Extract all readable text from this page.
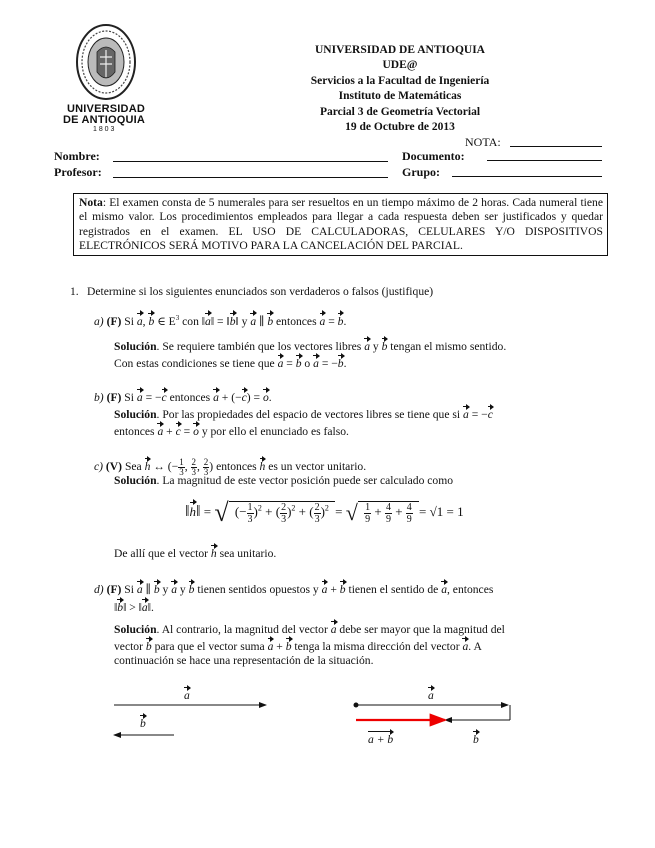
UNIVERSIDAD
DE ANTIOQUIA
1 8 0 3
UNIVERSIDAD DE ANTIOQUIA
UDE@
Servicios a la Facultad de Ingeniería
Instituto de Matemáticas
Parcial 3 de Geometría Vectorial
19 de Octubre de 2013
NOTA:
Nombre:	Documento:
Profesor:	Grupo:
Nota: El examen consta de 5 numerales para ser resueltos en un tiempo máximo de 2 horas. Cada numeral tiene el mismo valor. Los procedimientos empleados para llegar a cada respuesta deben ser justificados y quedar registrados en el examen. EL USO DE CALCULADORAS, CELULARES Y/O DISPOSITIVOS ELECTRÓNICOS SERÁ MOTIVO PARA LA CANCELACIÓN DEL PARCIAL.
1. Determine si los siguientes enunciados son verdaderos o falsos (justifique)
a) (F) Si a, b ∈ $E^3$ con ‖a‖ = ‖b‖ y a ∥ b entonces a = b.
Solución. Se requiere también que los vectores libres a y b tengan el mismo sentido.
Con estas condiciones se tiene que a = b o a = −b.
b) (F) Si a = −c entonces a + (−c) = o.
Solución. Por las propiedades del espacio de vectores libres se tiene que si a = −c
entonces a + c = o y por ello el enunciado es falso.
c) (V) Sea h ↔ (− $\frac{1}{3}$ , $\frac{2}{3}$ , $\frac{2}{3}$ ) entonces h es un vector unitario.
Solución. La magnitud de este vector posición puede ser calculado como
‖h‖ = √ (− $\frac{1}{3} )^2$ + ( $\frac{2}{3} )^2$ + ( $\frac{2}{3} )^2$ = √ $\frac{1}{9} + \frac{4}{9} + \frac{4}{9} = √1 = 1$
De allí que el vector h sea unitario.
d) (F) Si a ∥ b y a y b tienen sentidos opuestos y a + b tienen el sentido de a, entonces
‖b‖ > ‖a‖.
Solución. Al contrario, la magnitud del vector a debe ser mayor que la magnitud del
vector b para que el vector suma a + b tenga la misma dirección del vector a. A
continuación se hace una representación de la situación.
a
b
a
a + b	b
